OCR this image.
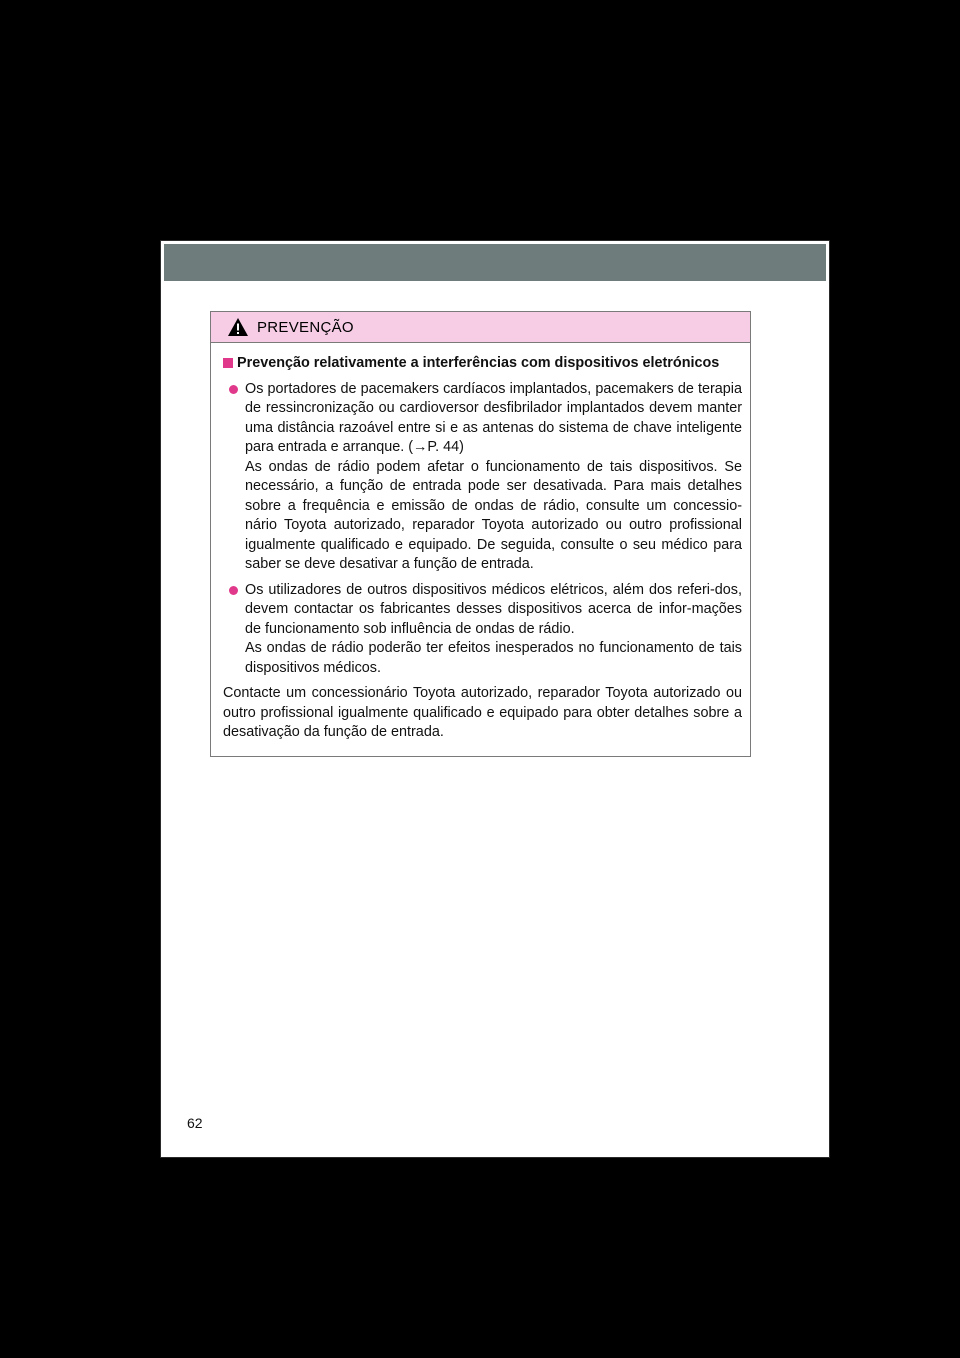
PREVENÇÃO
Prevenção relativamente a interferências com dispositivos eletrónicos

Os portadores de pacemakers cardíacos implantados, pacemakers de terapia de ressincronização ou cardioversor desfibrilador implantados devem manter uma distância razoável entre si e as antenas do sistema de chave inteligente para entrada e arranque. (→P. 44)

As ondas de rádio podem afetar o funcionamento de tais dispositivos. Se necessário, a função de entrada pode ser desativada. Para mais detalhes sobre a frequência e emissão de ondas de rádio, consulte um concessio-nário Toyota autorizado, reparador Toyota autorizado ou outro profissional igualmente qualificado e equipado. De seguida, consulte o seu médico para saber se deve desativar a função de entrada.

Os utilizadores de outros dispositivos médicos elétricos, além dos referi-dos, devem contactar os fabricantes desses dispositivos acerca de infor-mações de funcionamento sob influência de ondas de rádio.

As ondas de rádio poderão ter efeitos inesperados no funcionamento de tais dispositivos médicos.

Contacte um concessionário Toyota autorizado, reparador Toyota autorizado ou outro profissional igualmente qualificado e equipado para obter detalhes sobre a desativação da função de entrada.

62
